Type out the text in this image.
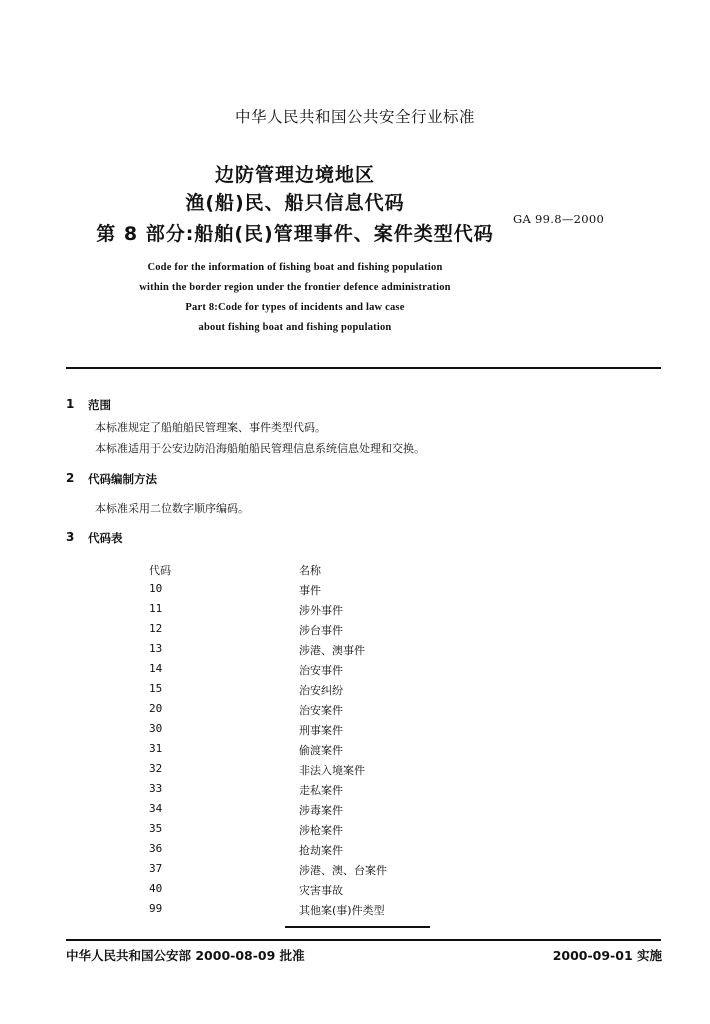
中华人民共和国公共安全行业标准
边防管理边境地区
渔(船)民、船只信息代码
第 8 部分:船舶(民)管理事件、案件类型代码
GA 99.8—2000
Code for the information of fishing boat and fishing population
within the border region under the frontier defence administration
Part 8:Code for types of incidents and law case
about fishing boat and fishing population
1 范围
本标准规定了船舶船民管理案、事件类型代码。
本标准适用于公安边防沿海船舶船民管理信息系统信息处理和交换。
2 代码编制方法
本标准采用二位数字顺序编码。
3 代码表
代码	名称
10	事件
11	涉外事件
12	涉台事件
13	涉港、澳事件
14	治安事件
15	治安纠纷
20	治安案件
30	刑事案件
31	偷渡案件
32	非法入境案件
33	走私案件
34	涉毒案件
35	涉枪案件
36	抢劫案件
37	涉港、澳、台案件
40	灾害事故
99	其他案(事)件类型
中华人民共和国公安部 2000-08-09 批准	2000-09-01 实施
